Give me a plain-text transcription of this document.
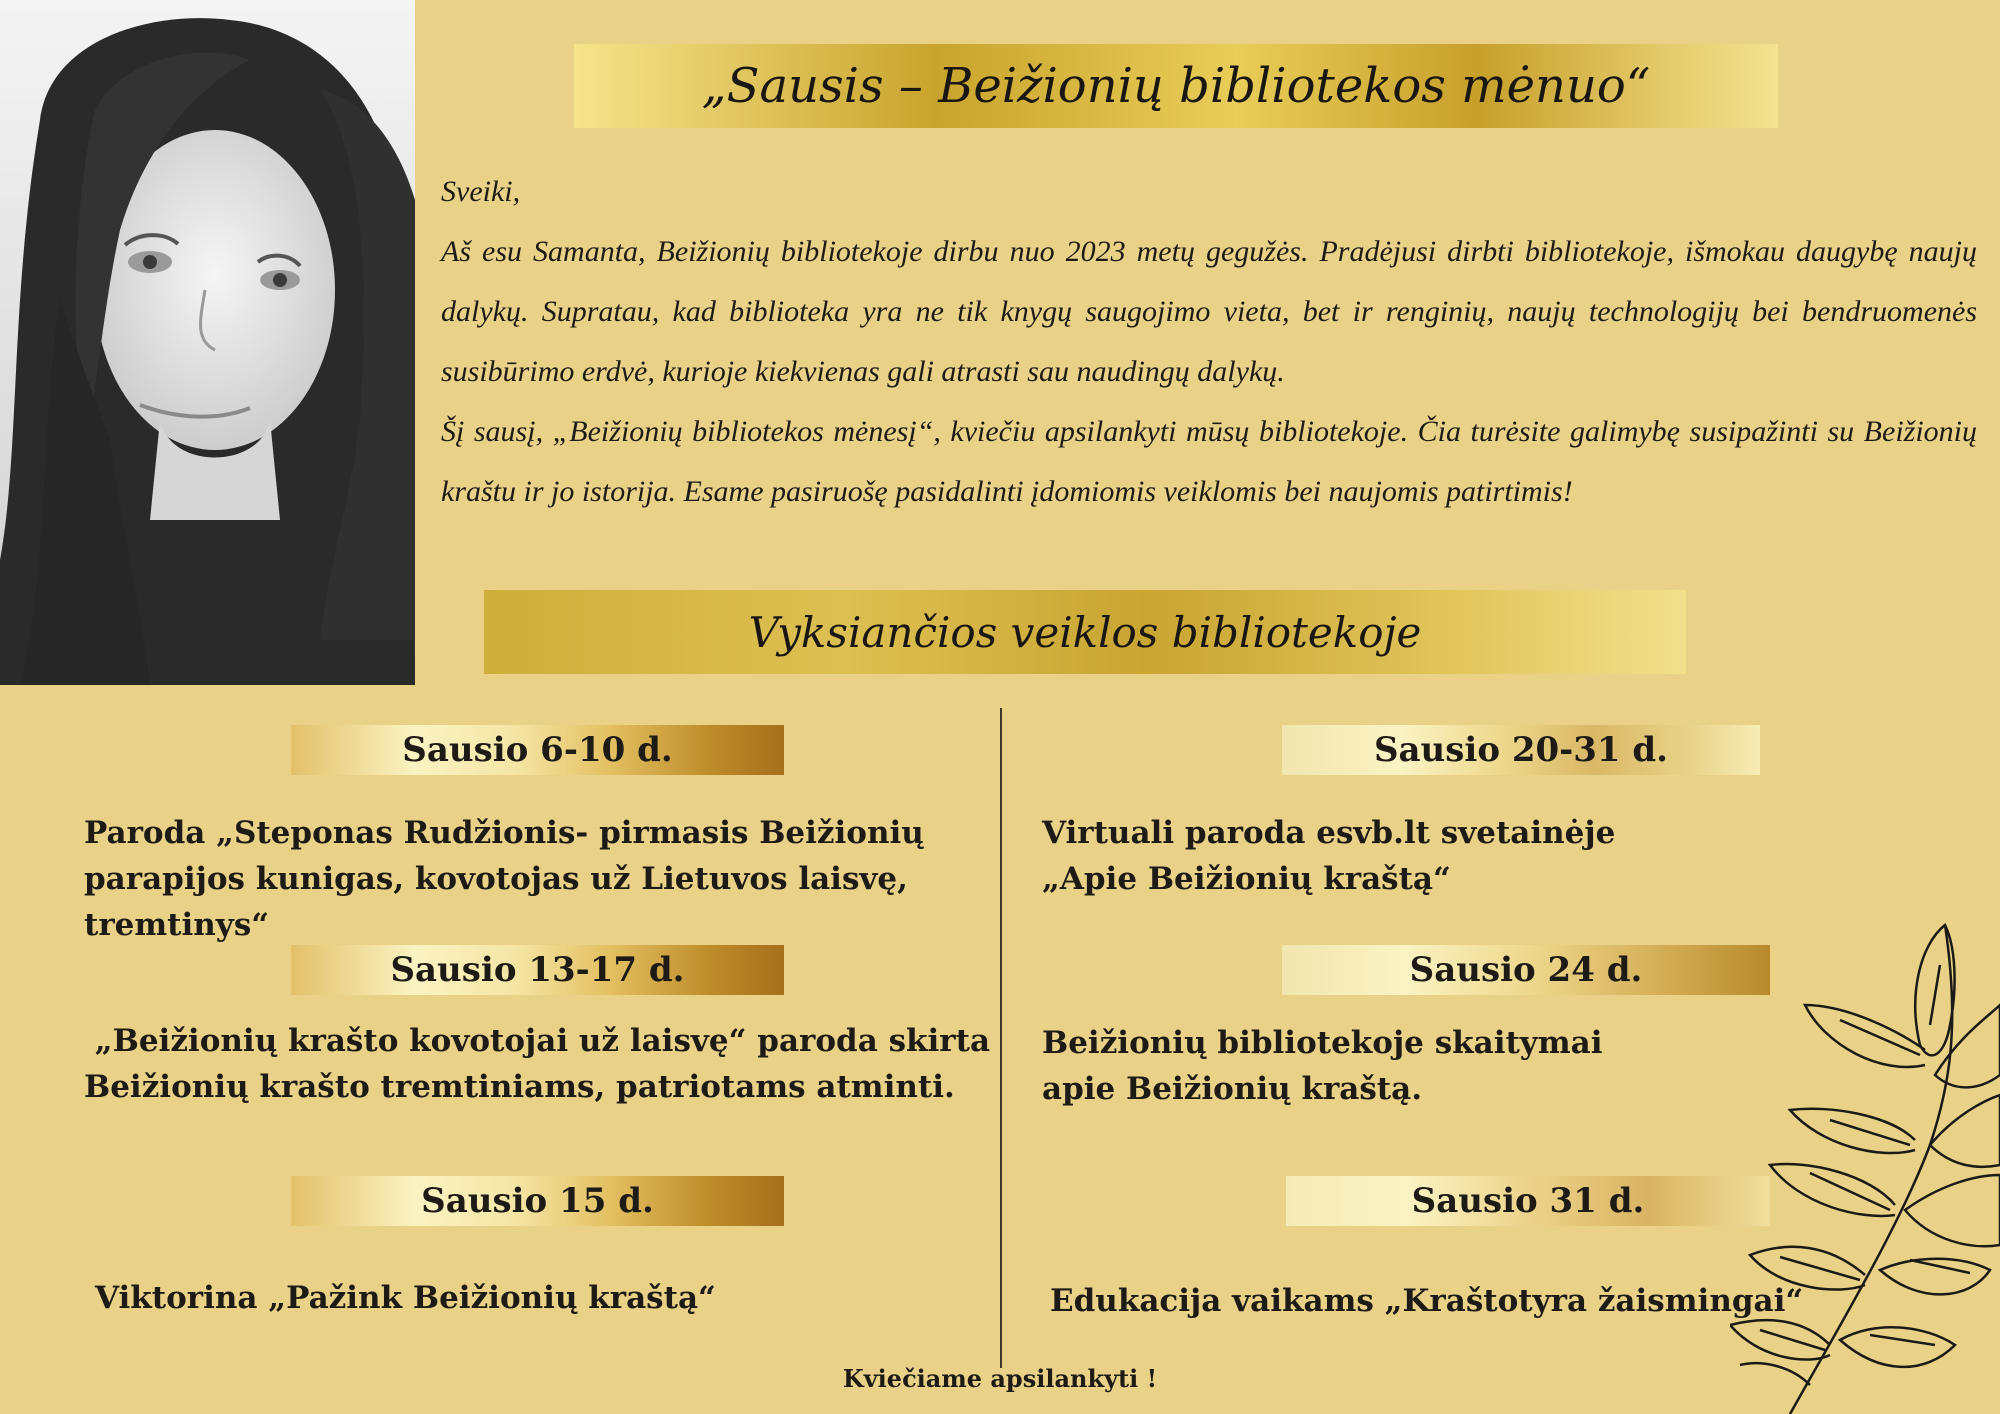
„Sausis – Beižionių bibliotekos mėnuo“

Sveiki,

Aš esu Samanta, Beižionių bibliotekoje dirbu nuo 2023 metų gegužės. Pradėjusi dirbti bibliotekoje, išmokau daugybę naujų dalykų. Supratau, kad biblioteka yra ne tik knygų saugojimo vieta, bet ir renginių, naujų technologijų bei bendruomenės susibūrimo erdvė, kurioje kiekvienas gali atrasti sau naudingų dalykų.

Šį sausį, „Beižionių bibliotekos mėnesį“, kviečiu apsilankyti mūsų bibliotekoje. Čia turėsite galimybę susipažinti su Beižionių kraštu ir jo istorija. Esame pasiruošę pasidalinti įdomiomis veiklomis bei naujomis patirtimis!

Vyksiančios veiklos bibliotekoje
Sausio 6-10 d.
Paroda „Steponas Rudžionis- pirmasis Beižionių parapijos kunigas, kovotojas už Lietuvos laisvę, tremtinys“
Sausio 13-17 d.
„Beižionių krašto kovotojai už laisvę“ paroda skirta Beižionių krašto tremtiniams, patriotams atminti.
Sausio 15 d.
Viktorina „Pažink Beižionių kraštą“
Sausio 20-31 d.
Virtuali paroda esvb.lt svetainėje „Apie Beižionių kraštą“
Sausio 24 d.
Beižionių bibliotekoje skaitymai apie Beižionių kraštą.
Sausio 31 d.
Edukacija vaikams „Kraštotyra žaismingai“
Kviečiame apsilankyti !
